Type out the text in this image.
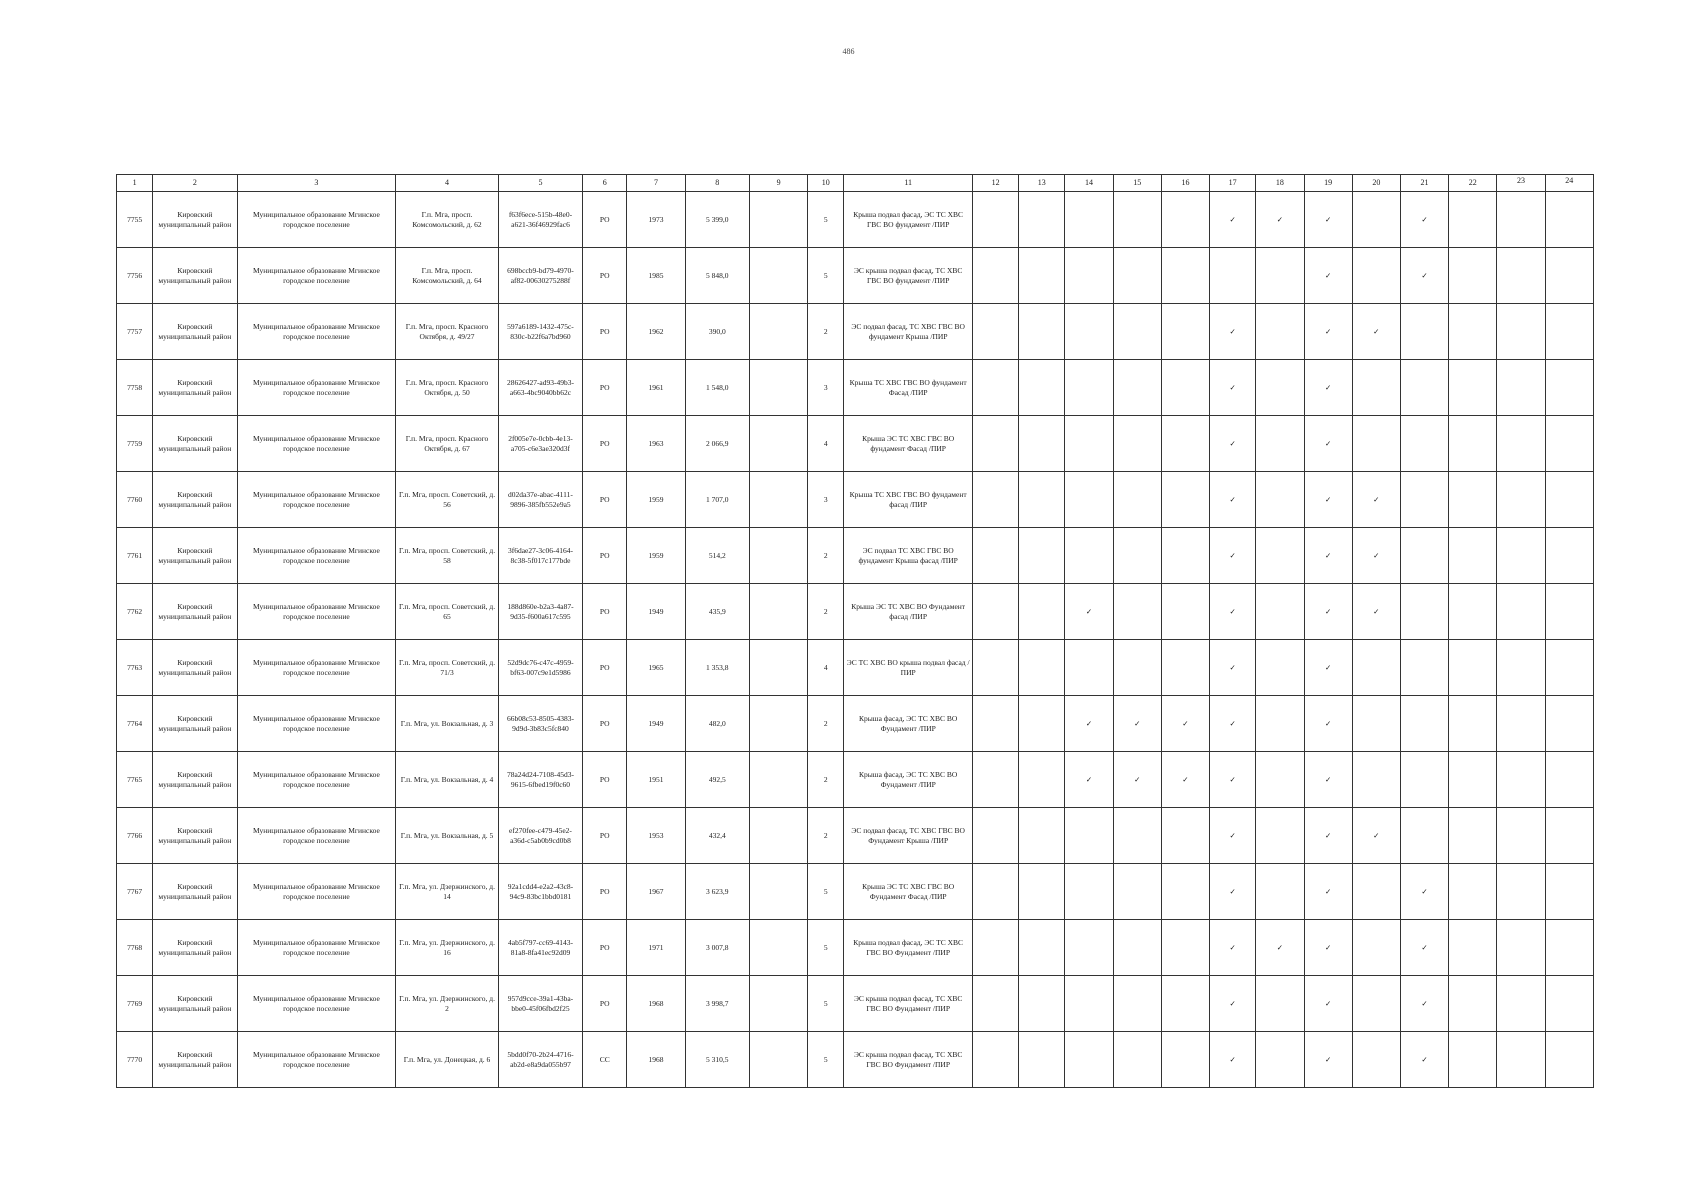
486
1	2	3	4	5	6	7	8	9	10	11	12	13	14	15	16	17	18	19	20	21	22	23	24
7755	Кировский муниципальный район	Муниципальное образование Мгинское городское поселение	Г.п. Мга, просп. Комсомольский, д. 62	f63f6ece-515b-48e0-a621-36f46929fac6	РО	1973	5 399,0		5	Крыша подвал фасад, ЭС ТС ХВС ГВС ВО фундамент /ПИР						✓	✓	✓		✓			
7756	Кировский муниципальный район	Муниципальное образование Мгинское городское поселение	Г.п. Мга, просп. Комсомольский, д. 64	698bccb9-bd79-4970-af82-00630275288f	РО	1985	5 848,0		5	ЭС крыша подвал фасад, ТС ХВС ГВС ВО фундамент /ПИР								✓		✓			
7757	Кировский муниципальный район	Муниципальное образование Мгинское городское поселение	Г.п. Мга, просп. Красного Октября, д. 49/27	597a6189-1432-475c-830c-b22f6a7bd960	РО	1962	390,0		2	ЭС подвал фасад, ТС ХВС ГВС ВО фундамент Крыша /ПИР						✓		✓	✓				
7758	Кировский муниципальный район	Муниципальное образование Мгинское городское поселение	Г.п. Мга, просп. Красного Октября, д. 50	28626427-ad93-49b3-a663-4bc9040bb62c	РО	1961	1 548,0		3	Крыша ТС ХВС ГВС ВО фундамент Фасад /ПИР						✓		✓					
7759	Кировский муниципальный район	Муниципальное образование Мгинское городское поселение	Г.п. Мга, просп. Красного Октября, д. 67	2f005e7e-0cbb-4e13-a705-c6e3ae320d3f	РО	1963	2 066,9		4	Крыша ЭС ТС ХВС ГВС ВО фундамент Фасад /ПИР						✓		✓					
7760	Кировский муниципальный район	Муниципальное образование Мгинское городское поселение	Г.п. Мга, просп. Советский, д. 56	d02da37e-abac-4111-9896-385fb552e9a5	РО	1959	1 707,0		3	Крыша ТС ХВС ГВС ВО фундамент фасад /ПИР						✓		✓	✓				
7761	Кировский муниципальный район	Муниципальное образование Мгинское городское поселение	Г.п. Мга, просп. Советский, д. 58	3f6dae27-3c06-4164-8c38-5f017c177bde	РО	1959	514,2		2	ЭС подвал ТС ХВС ГВС ВО фундамент Крыша фасад /ПИР						✓		✓	✓				
7762	Кировский муниципальный район	Муниципальное образование Мгинское городское поселение	Г.п. Мга, просп. Советский, д. 65	188d860e-b2a3-4a87-9d35-f600a617c595	РО	1949	435,9		2	Крыша ЭС ТС ХВС ВО Фундамент фасад /ПИР			✓			✓		✓	✓				
7763	Кировский муниципальный район	Муниципальное образование Мгинское городское поселение	Г.п. Мга, просп. Советский, д. 71/3	52d9dc76-c47c-4959-bf63-007c9e1d5986	РО	1965	1 353,8		4	ЭС ТС ХВС ВО крыша подвал фасад /ПИР						✓		✓					
7764	Кировский муниципальный район	Муниципальное образование Мгинское городское поселение	Г.п. Мга, ул. Вокзальная, д. 3	66b08c53-8505-4383-9d9d-3b83c5fc840	РО	1949	482,0		2	Крыша фасад, ЭС ТС ХВС ВО Фундамент /ПИР			✓	✓	✓	✓		✓					
7765	Кировский муниципальный район	Муниципальное образование Мгинское городское поселение	Г.п. Мга, ул. Вокзальная, д. 4	78a24d24-7108-45d3-9615-6fbed19f0c60	РО	1951	492,5		2	Крыша фасад, ЭС ТС ХВС ВО Фундамент /ПИР			✓	✓	✓	✓		✓					
7766	Кировский муниципальный район	Муниципальное образование Мгинское городское поселение	Г.п. Мга, ул. Вокзальная, д. 5	ef270fee-c479-45e2-a36d-c5ab0b9cd0b8	РО	1953	432,4		2	ЭС подвал фасад, ТС ХВС ГВС ВО Фундамент Крыша /ПИР						✓		✓	✓				
7767	Кировский муниципальный район	Муниципальное образование Мгинское городское поселение	Г.п. Мга, ул. Дзержинского, д. 14	92a1cdd4-e2a2-43c8-94c9-83bc1bbd0181	РО	1967	3 623,9		5	Крыша ЭС ТС ХВС ГВС ВО Фундамент Фасад /ПИР						✓		✓		✓			
7768	Кировский муниципальный район	Муниципальное образование Мгинское городское поселение	Г.п. Мга, ул. Дзержинского, д. 16	4ab5f797-cc69-4143-81a8-8fa41ec92d09	РО	1971	3 007,8		5	Крыша подвал фасад, ЭС ТС ХВС ГВС ВО Фундамент /ПИР						✓	✓	✓		✓			
7769	Кировский муниципальный район	Муниципальное образование Мгинское городское поселение	Г.п. Мга, ул. Дзержинского, д. 2	957d9cce-39a1-43ba-bbe0-45f06fbd2f25	РО	1968	3 998,7		5	ЭС крыша подвал фасад, ТС ХВС ГВС ВО Фундамент /ПИР						✓		✓		✓			
7770	Кировский муниципальный район	Муниципальное образование Мгинское городское поселение	Г.п. Мга, ул. Донецкая, д. 6	5bdd0f70-2b24-4716-ab2d-e8a9da055b97	СС	1968	5 310,5		5	ЭС крыша подвал фасад, ТС ХВС ГВС ВО Фундамент /ПИР						✓		✓		✓			
